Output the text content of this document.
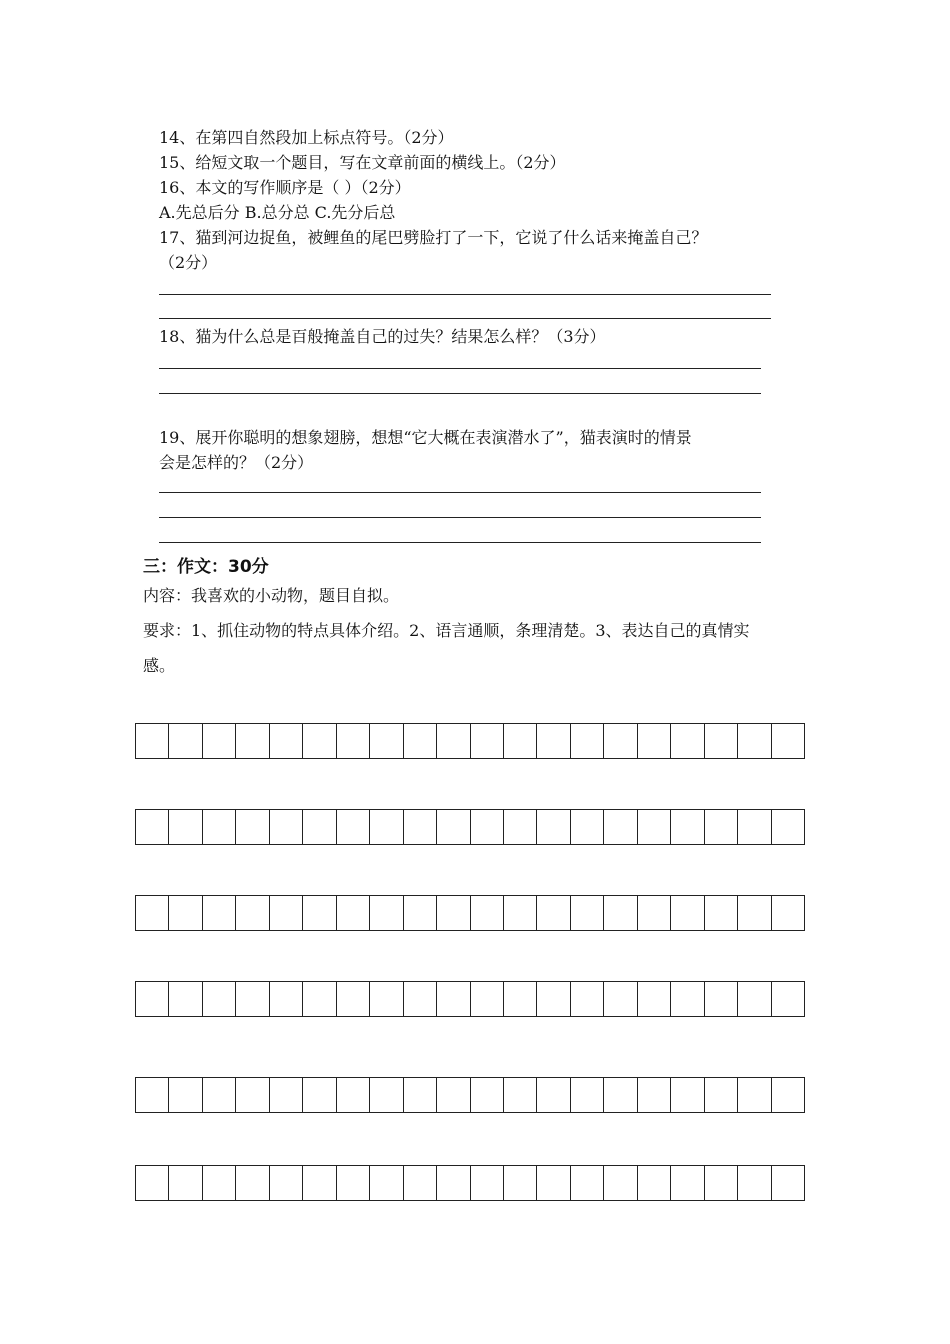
14、在第四自然段加上标点符号。（2分）

15、给短文取一个题目，写在文章前面的横线上。（2分）

16、本文的写作顺序是（ ）（2分）

A.先总后分 B.总分总 C.先分后总

17、猫到河边捉鱼，被鲤鱼的尾巴劈脸打了一下，它说了什么话来掩盖自己？

（2分）

18、猫为什么总是百般掩盖自己的过失？结果怎么样？（3分）

19、展开你聪明的想象翅膀，想想“它大概在表演潜水了”，猫表演时的情景

会是怎样的？（2分）

三：作文：30分
内容：我喜欢的小动物，题目自拟。
要求：1、抓住动物的特点具体介绍。2、语言通顺，条理清楚。3、表达自己的真情实
感。
